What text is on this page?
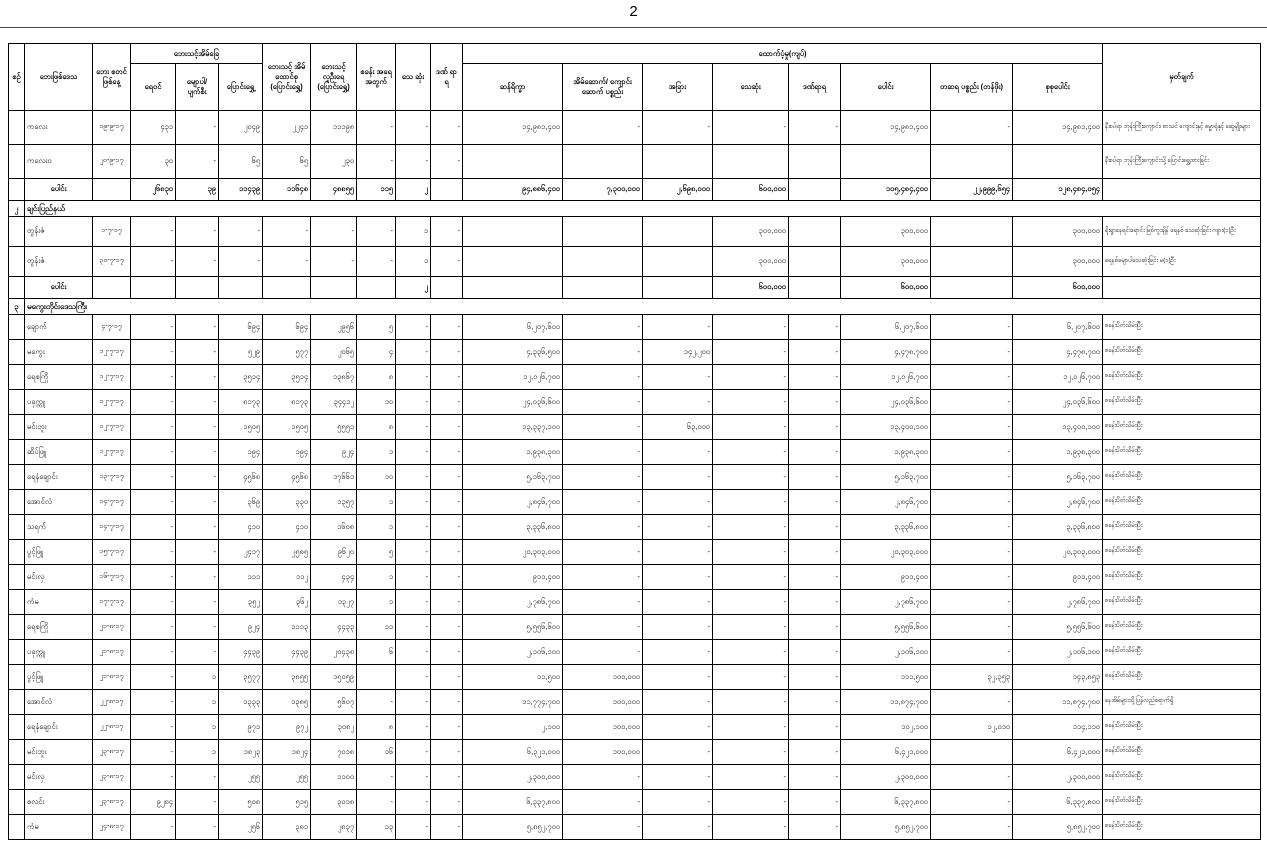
2
စဥ်	ဘေးဖြစ်ဒေသ	ဘေး စတင် ဖြစ်နေ့	ဘေးသင့်အိမ်ခြေ			ဘေးသင့် အိမ် ထောင်စု (ပြောင်းရွှေ့)	ဘေးသင့် လူဦးရေ (ပြောင်းရွှေ့)	စခန်း အရေ အတွက်	သေ ဆုံး	ဒဏ် ရာ ရ	ထောက်ပံ့မှု(ကျပ်)								မှတ်ချက်
			ရေဝင်	မျောပါ/ ပျက်စီး	ပြောင်းရွှေ့						ဆန်ရိက္ခာ	အိမ်ဆောက်/ ကျောင်းဆောက် ပစ္စည်း	အခြား	သေဆုံး	ဒဏ်ရာရ	ပေါင်း	တဆရ ပစ္စည်း (တန်ဖိုး)	စုစုပေါင်း	
	ကလေး	၁၉-၉-၁၇	၄၃၁	-	၂၀၄၉	၂၂၄၁	၁၁၁၉၈	-	-	-	၁၄,၉၈၁,၄၀၀	-	-	-	-	၁၄,၉၈၁,၄၀၀	-	၁၄,၉၈၁,၄၀၀	နီးစပ်ရာ ဘုန်းကြီးကျောင်း၊ စာသင် ကျောင်းနှင့် ဓမ္မာရုံနှင့် ဆွေမျိုးများ
	ကလေးဝ	၂၀-၉-၁၇	၃၀	-	၆၅	၆၅	၂၃၀	-	-	-									နီးစပ်ရာ ဘုန်းကြီးကျောင်းသို့ ပြောင်းရွှေ့ထားခြင်း
	ပေါင်း		၂၆၈၃၀	၃၉	၁၁၄၃၉	၁၁၆၄၈	၄၈၈၅၅	၁၁၅	၂		၉၄,၈၈၆,၄၀၀	၇,၃၀၀,၀၀၀	၂,၆၉၈,၀၀၀	၆၀၀,၀၀၀		၁၀၅,၄၈၄,၄၀၀	၂၂,၉၉၉,၆၅၄	၁၂၈,၄၈၄,၀၅၄	
၂	ချင်းပြည်နယ်																		
	တွန်းဇံ	၁-၇-၁၇	-	-	-	-	-	-	၁	-				၃၀၀,၀၀၀		၃၀၀,၀၀၀		၃၀၀,၀၀၀	ရိုးရွာနေရင်းရောင်း မြစ်ကူးချိန် ရေနစ် သေဆုံးခြင်း ကျား(၁)ဦး
	တွန်းဇံ	၃၀-၇-၁၇	-	-	-	-	-	-	၁	-				၃၀၀,၀၀၀		၃၀၀,၀၀၀		၃၀၀,၀၀၀	ရေနစ်မျောပါသေဆုံးခြင်း မ(၁)ဦး
	ပေါင်း								၂					၆၀၀,၀၀၀		၆၀၀,၀၀၀		၆၀၀,၀၀၀	
၃	မကွေးတိုင်းဒေသကြီး																		
	ချောက်	၄-၇-၁၇	-	-	၆၉၄	၆၉၄	၂၉၅၆	၅	-	-	၆,၂၀၇,၆၀၀	-	-	-	-	၆,၂၀၇,၆၀၀	-	၆,၂၀၇,၆၀၀	စခန်းပိတ်သိမ်းပြီး
	မကွေး	၁၂-၇-၁၇	-	-	၅၂၉	၅၇၇	၂၀၆၅	၄	-	-	၄,၃၃၆,၅၀၀	-	၁၄၂,၂၀၀	-	-	၄,၄၇၈,၇၀၀	-	၄,၄၇၈,၇၀၀	စခန်းပိတ်သိမ်းပြီး
	ရေစကြို	၁၂-၇-၁၇	-	-	၃၅၁၄	၃၅၁၄	၁၃၈၆၇	၈	-	-	၁၂,၀၂၆,၇၀၀	-	-	-	-	၁၂,၀၂၆,၇၀၀	-	၁၂,၀၂၆,၇၀၀	စခန်းပိတ်သိမ်းပြီး
	ပခုက္ကူ	၁၂-၇-၁၇	-	-	၈၁၇၃	၈၁၇၃	၃၄၄၁၂	၁၀	-	-	၂၄,၀၃၆,၆၀၀	-	-	-	-	၂၄,၀၃၆,၆၀၀	-	၂၄,၀၃၆,၆၀၀	စခန်းပိတ်သိမ်းပြီး
	မင်းဘူး	၁၂-၇-၁၇	-	-	၁၅၀၅	၁၅၀၅	၅၅၅၁	၈	-	-	၁၃,၃၃၇,၁၀၀	-	၆၃,၀၀၀	-	-	၁၃,၄၀၀,၁၀၀	-	၁၃,၄၀၀,၁၀၀	စခန်းပိတ်သိမ်းပြီး
	ဆိပ်ဖြူ	၁၂-၇-၁၇	-	-	၁၉၄	၁၉၄	၉၂၄	၁	-	-	၁,၉၃၈,၃၀၀	-	-	-	-	၁,၉၃၈,၃၀၀	-	၁,၉၃၈,၃၀၀	စခန်းပိတ်သိမ်းပြီး
	ရေနံချောင်း	၁၃-၇-၁၇	-	-	၄၅၆၈	၄၅၆၈	၁၇၆၆၁	၁၀	-	-	၅,၁၆၃,၇၀၀	-	-	-	-	၅,၁၆၃,၇၀၀	-	၅,၁၆၃,၇၀၀	စခန်းပိတ်သိမ်းပြီး
	အောင်လံ	၁၄-၇-၁၇	-	-	၃၆၉	၃၃၀	၁၃၅၇	၁	-	-	၂,၈၄၆,၇၀၀	-	-	-	-	၂,၈၄၆,၇၀၀	-	၂,၈၄၆,၇၀၀	စခန်းပိတ်သိမ်းပြီး
	သရက်	၁၄-၇-၁၇	-	-	၄၁၀	၄၁၀	၁၆၀၈	၁	-	-	၃,၃၃၆,၈၀၀	-	-	-	-	၃,၃၃၆,၈၀၀	-	၃,၃၃၆,၈၀၀	စခန်းပိတ်သိမ်းပြီး
	ပွင့်ဖြူ	၁၅-၇-၁၇	-	-	၂၄၁၇	၂၅၈၅	၉၆၂၀	၅	-	-	၂၀,၃၀၃,၀၀၀	-	-	-	-	၂၀,၃၀၃,၀၀၀	-	၂၀,၃၀၃,၀၀၀	စခန်းပိတ်သိမ်းပြီး
	မင်းလှ	၁၆-၇-၁၇	-	-	၁၁၁	၁၁၂	၄၃၄	၁	-	-	၉၁၁,၄၀၀	-	-	-	-	၉၁၁,၄၀၀	-	၉၁၁,၄၀၀	စခန်းပိတ်သိမ်းပြီး
	ကံမ	၁၇-၇-၁၇	-	-	၃၅၂	၃၆၂	၁၃၂၇	၁	-	-	၂,၇၈၆,၇၀၀	-	-	-	-	၂,၇၈၆,၇၀၀	-	၂,၇၈၆,၇၀၀	စခန်းပိတ်သိမ်းပြီး
	ရေစကြို	၂၁-၈-၁၇	-	-	၉၂၄	၁၁၁၃	၄၄၃၃	၁၁	-	-	၅,၅၅၆,၆၀၀	-	-	-	-	၅,၅၅၆,၆၀၀	-	၅,၅၅၆,၆၀၀	စခန်းပိတ်သိမ်းပြီး
	ပခုက္ကူ	၂၁-၈-၁၇	-	-	၄၄၃၉	၄၄၃၉	၂၀၄၃၈	၆	-	-	၂,၁၀၆,၁၀၀	-	-	-	-	၂,၁၀၆,၁၀၀	-	၂,၁၀၆,၁၀၀	စခန်းပိတ်သိမ်းပြီး
	ပွင့်ဖြူ	၂၁-၈-၁၇	-	၁	၃၅၇၇	၃၈၅၅	၁၅၀၅၉		-	-	၁၁,၅၀၀	၁၀၀,၀၀၀	-	-	-	၁၁၁,၅၀၀	၃၂,၃၅၃	၁၄၃,၈၅၃	စခန်းပိတ်သိမ်းပြီး
	အောင်လံ	၂၂-၈-၁၇	-	၁	၁၃၃၃	၁၃၈၅	၅၆၀၇	-	-	-	၁၁,၇၇၄,၇၀၀	၁၀၀,၀၀၀	-	-	-	၁၁,၈၇၄,၇၀၀	-	၁၁,၈၇၄,၇၀၀	နေအိမ်များသို့ပြန်လည်ရောက်ရှိ
	ရေနံချောင်း	၂၂-၈-၁၇	-	၁	၉၇၁	၉၇၂	၃၀၈၂	၈	-	-	၂,၁၀၀	၁၀၀,၀၀၀	-	-	-	၁၀၂,၁၀၀	၁၂,၀၁၀	၁၁၄,၁၁၀	စခန်းပိတ်သိမ်းပြီး
	မင်းဘူး	၂၃-၈-၁၇	-	၁	၁၈၂၃	၁၈၂၄	၇၀၁၈	၁၆	-	-	၆,၃၂၁,၀၀၀	၁၀၀,၀၀၀	-	-	-	၆,၄၂၁,၀၀၀		၆,၄၂၁,၀၀၀	စခန်းပိတ်သိမ်းပြီး
	မင်းလှ	၂၃-၈-၁၇	-	-	၂၅၅	၂၅၅	၁၁၀၀	-	-	-	၂,၃၀၀,၀၀၀	-	-	-	-	၂,၃၀၀,၀၀၀	-	၂,၃၀၀,၀၀၀	စခန်းပိတ်သိမ်းပြီး
	စလင်း	၂၃-၈-၁၇	၉၂၈၄	-	၅၀၈	၅၁၅	၃၀၁၈	-	-	-	၆,၃၃၇,၈၀၀	-	-	-	-	၆,၃၃၇,၈၀၀	-	၆,၃၃၇,၈၀၀	စခန်းပိတ်သိမ်းပြီး
	ကံမ	၂၄-၈-၁၇	-	-	၂၅၆	၃၈၁	၂၈၃၇	၁၃	-	-	၅,၈၅၂,၇၀၀	-	-	-	-	၅,၈၅၂,၇၀၀	-	၅,၈၅၂,၇၀၀	စခန်းပိတ်သိမ်းပြီး
